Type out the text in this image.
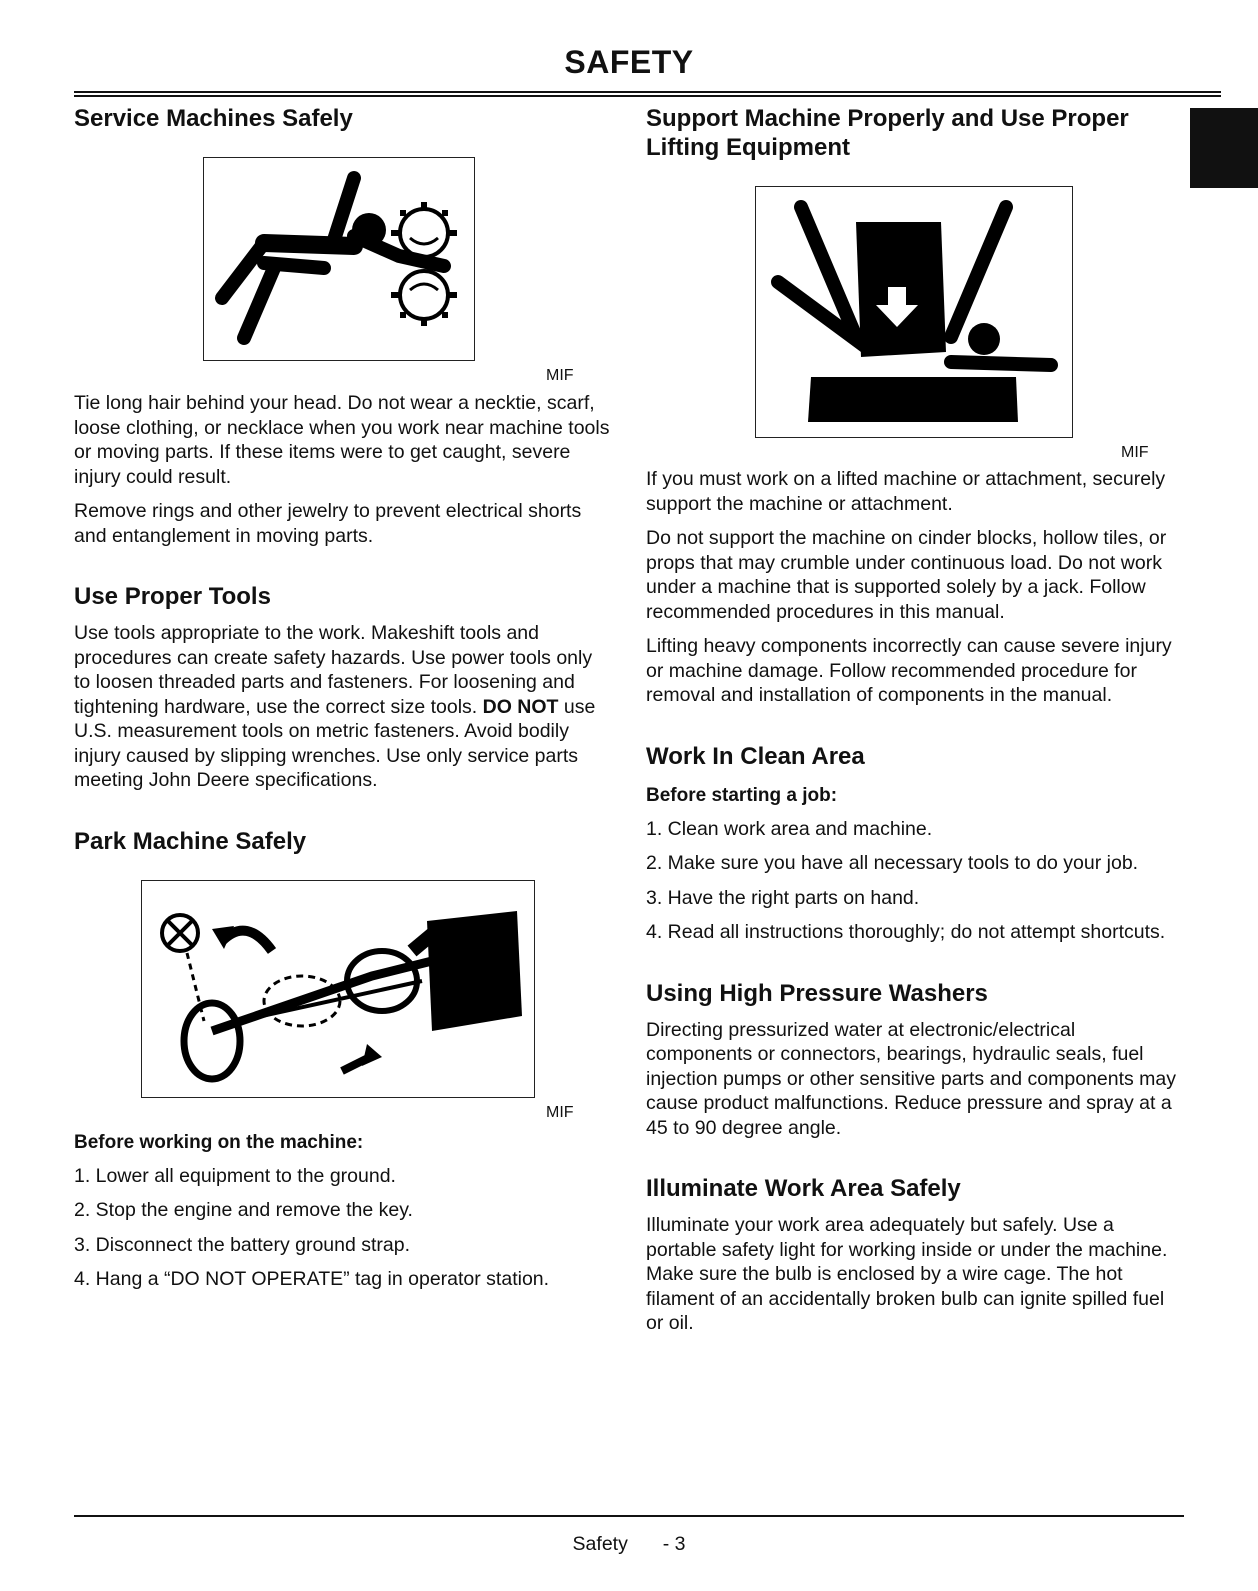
SAFETY
Service Machines Safely
MIF

Tie long hair behind your head. Do not wear a necktie, scarf, loose clothing, or necklace when you work near machine tools or moving parts. If these items were to get caught, severe injury could result.

Remove rings and other jewelry to prevent electrical shorts and entanglement in moving parts.

Use Proper Tools

Use tools appropriate to the work. Makeshift tools and procedures can create safety hazards. Use power tools only to loosen threaded parts and fasteners. For loosening and tightening hardware, use the correct size tools. DO NOT use U.S. measurement tools on metric fasteners. Avoid bodily injury caused by slipping wrenches. Use only service parts meeting John Deere specifications.

Park Machine Safely
MIF
Before working on the machine:
1. Lower all equipment to the ground.
2. Stop the engine and remove the key.
3. Disconnect the battery ground strap.
4. Hang a “DO NOT OPERATE” tag in operator station.
Support Machine Properly and Use Proper Lifting Equipment
MIF

If you must work on a lifted machine or attachment, securely support the machine or attachment.

Do not support the machine on cinder blocks, hollow tiles, or props that may crumble under continuous load. Do not work under a machine that is supported solely by a jack. Follow recommended procedures in this manual.

Lifting heavy components incorrectly can cause severe injury or machine damage. Follow recommended procedure for removal and installation of components in the manual.

Work In Clean Area
Before starting a job:
1. Clean work area and machine.
2. Make sure you have all necessary tools to do your job.
3. Have the right parts on hand.
4. Read all instructions thoroughly; do not attempt shortcuts.
Using High Pressure Washers

Directing pressurized water at electronic/electrical components or connectors, bearings, hydraulic seals, fuel injection pumps or other sensitive parts and components may cause product malfunctions. Reduce pressure and spray at a 45 to 90 degree angle.

Illuminate Work Area Safely

Illuminate your work area adequately but safely. Use a portable safety light for working inside or under the machine. Make sure the bulb is enclosed by a wire cage. The hot filament of an accidentally broken bulb can ignite spilled fuel or oil.

Safety - 3
